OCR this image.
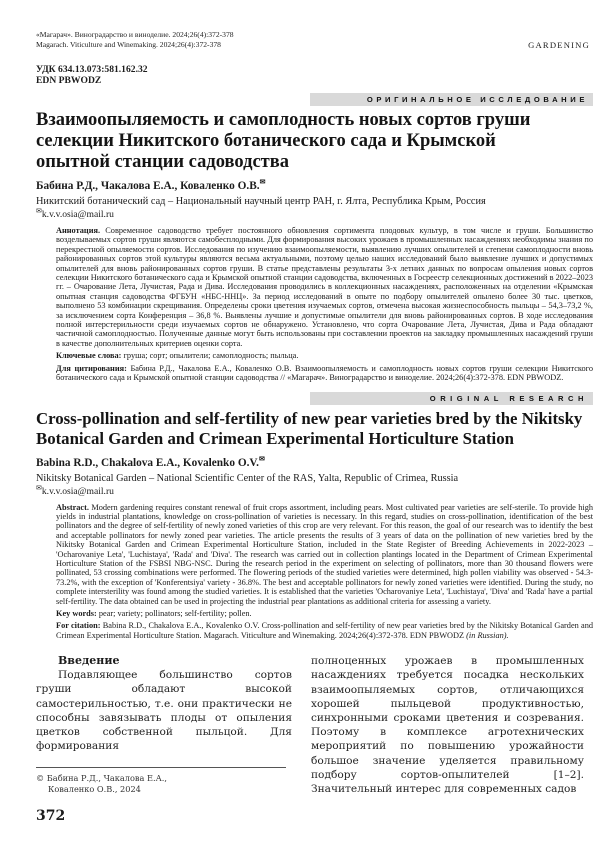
«Магарач». Виноградарство и виноделие. 2024;26(4):372-378
Magarach. Viticulture and Winemaking. 2024;26(4):372-378	GARDENING
УДК 634.13.073:581.162.32
EDN PBWODZ
ОРИГИНАЛЬНОЕ ИССЛЕДОВАНИЕ
Взаимоопыляемость и самоплодность новых сортов груши селекции Никитского ботанического сада и Крымской опытной станции садоводства
Бабина Р.Д., Чакалова Е.А., Коваленко О.В.✉
Никитский ботанический сад – Национальный научный центр РАН, г. Ялта, Республика Крым, Россия
✉k.v.v.osia@mail.ru

Аннотация. Современное садоводство требует постоянного обновления сортимента плодовых культур, в том числе и груши. Большинство возделываемых сортов груши являются самобесплодными. Для формирования высоких урожаев в промышленных насаждениях необходимы знания по перекрестной опыляемости сортов. Исследования по изучению взаимоопыляемости, выявлению лучших опылителей и степени самоплодности вновь районированных сортов этой культуры являются весьма актуальными, поэтому целью наших исследований было выявление лучших и допустимых опылителей для вновь районированных сортов груши. В статье представлены результаты 3-х летних данных по вопросам опыления новых сортов селекции Никитского ботанического сада и Крымской опытной станции садоводства, включенных в Госреестр селекционных достижений в 2022–2023 гг. – Очарование Лета, Лучистая, Рада и Дива. Исследования проводились в коллекционных насаждениях, расположенных на отделении «Крымская опытная станция садоводства ФГБУН «НБС-ННЦ». За период исследований в опыте по подбору опылителей опылено более 30 тыс. цветков, выполнено 53 комбинации скрещивания. Определены сроки цветения изучаемых сортов, отмечена высокая жизнеспособность пыльцы – 54,3–73,2 %, за исключением сорта Конференция – 36,8 %. Выявлены лучшие и допустимые опылители для вновь районированных сортов. В ходе исследования полной интерстерильности среди изучаемых сортов не обнаружено. Установлено, что сорта Очарование Лета, Лучистая, Дива и Рада обладают частичной самоплодностью. Полученные данные могут быть использованы при составлении проектов на закладку промышленных насаждений груши в качестве дополнительных критериев оценки сорта.

Ключевые слова: груша; сорт; опылители; самоплодность; пыльца.

Для цитирования: Бабина Р.Д., Чакалова Е.А., Коваленко О.В. Взаимоопыляемость и самоплодность новых сортов груши селекции Никитского ботанического сада и Крымской опытной станции садоводства // «Магарач». Виноградарство и виноделие. 2024;26(4):372-378. EDN PBWODZ.

ORIGINAL RESEARCH
Cross-pollination and self-fertility of new pear varieties bred by the Nikitsky Botanical Garden and Crimean Experimental Horticulture Station
Babina R.D., Chakalova E.A., Kovalenko O.V.✉
Nikitsky Botanical Garden – National Scientific Center of the RAS, Yalta, Republic of Crimea, Russia
✉k.v.v.osia@mail.ru

Abstract. Modern gardening requires constant renewal of fruit crops assortment, including pears. Most cultivated pear varieties are self-sterile. To provide high yields in industrial plantations, knowledge on cross-pollination of varieties is necessary. In this regard, studies on cross-pollination, identification of the best pollinators and the degree of self-fertility of newly zoned varieties of this crop are very relevant. For this reason, the goal of our research was to identify the best and acceptable pollinators for newly zoned pear varieties. The article presents the results of 3 years of data on the pollination of new varieties bred by the Nikitsky Botanical Garden and Crimean Experimental Horticulture Station, included in the State Register of Breeding Achievements in 2022-2023 – 'Ocharovaniye Leta', 'Luchistaya', 'Rada' and 'Diva'. The research was carried out in collection plantings located in the Department of Crimean Experimental Horticulture Station of the FSBSI NBG-NSC. During the research period in the experiment on selecting of pollinators, more than 30 thousand flowers were pollinated, 53 crossing combinations were performed. The flowering periods of the studied varieties were determined, high pollen viability was observed - 54.3-73.2%, with the exception of 'Konferentsiya' variety - 36.8%. The best and acceptable pollinators for newly zoned varieties were identified. During the study, no complete intersterility was found among the studied varieties. It is established that the varieties 'Ocharovaniye Leta', 'Luchistaya', 'Diva' and 'Rada' have a partial self-fertility. The data obtained can be used in projecting the industrial pear plantations as additional criteria for assessing a variety.

Key words: pear; variety; pollinators; self-fertility; pollen.

For citation: Babina R.D., Chakalova E.A., Kovalenko O.V. Cross-pollination and self-fertility of new pear varieties bred by the Nikitsky Botanical Garden and Crimean Experimental Horticulture Station. Magarach. Viticulture and Winemaking. 2024;26(4):372-378. EDN PBWODZ (in Russian).

Введение

Подавляющее большинство сортов груши обладают высокой самостерильностью, т.е. они практически не способны завязывать плоды от опыления цветков собственной пыльцой. Для формирования

© Бабина Р.Д., Чакалова Е.А.,
Коваленко О.В., 2024
372

полноценных урожаев в промышленных насаждениях требуется посадка нескольких взаимоопыляемых сортов, отличающихся хорошей пыльцевой продуктивностью, синхронными сроками цветения и созревания. Поэтому в комплексе агротехнических мероприятий по повышению урожайности большое значение уделяется правильному подбору сортов-опылителей [1–2]. Значительный интерес для современных садов
